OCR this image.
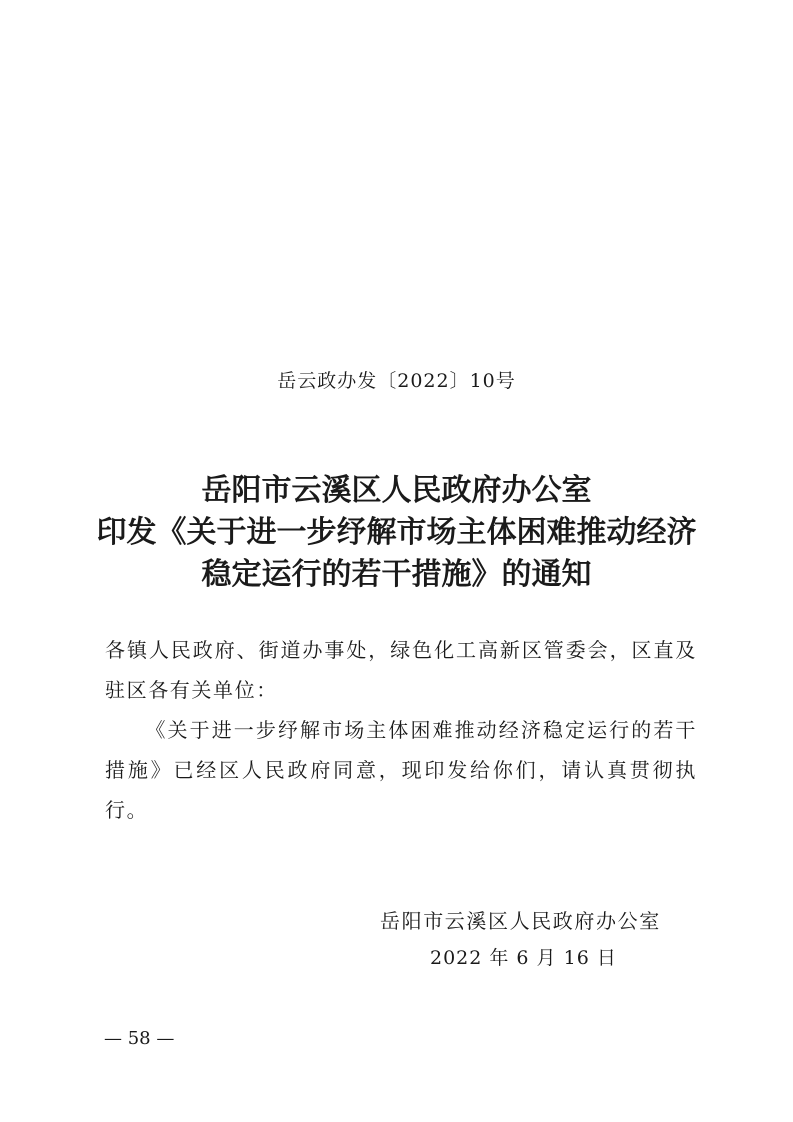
岳云政办发〔2022〕10号
岳阳市云溪区人民政府办公室
印发《关于进一步纾解市场主体困难推动经济
稳定运行的若干措施》的通知

各镇人民政府、街道办事处，绿色化工高新区管委会，区直及驻区各有关单位：

《关于进一步纾解市场主体困难推动经济稳定运行的若干措施》已经区人民政府同意，现印发给你们，请认真贯彻执行。

岳阳市云溪区人民政府办公室
2022 年 6 月 16 日
— 58 —
